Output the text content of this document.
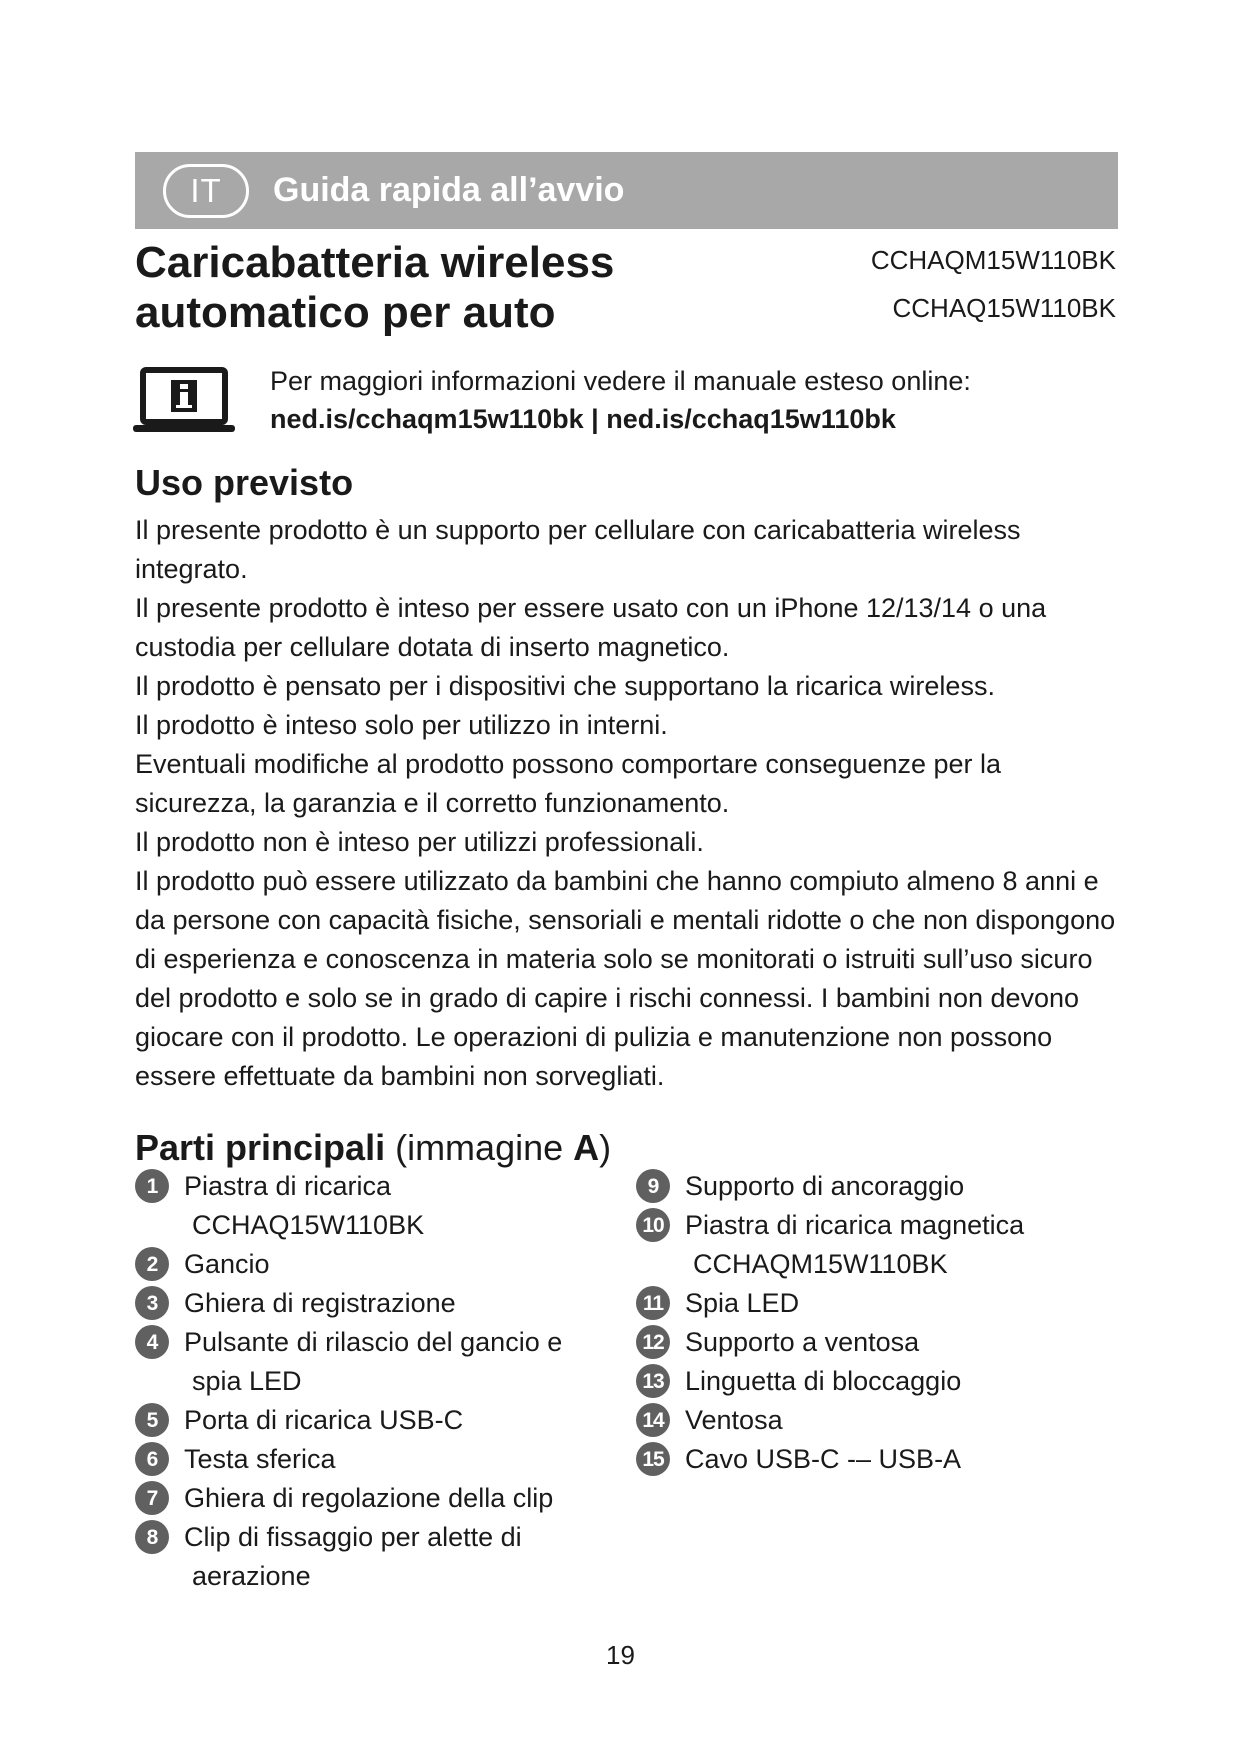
IT	Guida rapida all’avvio
Caricabatteria wireless
automatico per auto
CCHAQM15W110BK
CCHAQ15W110BK
Per maggiori informazioni vedere il manuale esteso online:
ned.is/cchaqm15w110bk | ned.is/cchaq15w110bk
Uso previsto

Il presente prodotto è un supporto per cellulare con caricabatteria wireless integrato.

Il presente prodotto è inteso per essere usato con un iPhone 12/13/14 o una custodia per cellulare dotata di inserto magnetico.

Il prodotto è pensato per i dispositivi che supportano la ricarica wireless.

Il prodotto è inteso solo per utilizzo in interni.

Eventuali modifiche al prodotto possono comportare conseguenze per la sicurezza, la garanzia e il corretto funzionamento.

Il prodotto non è inteso per utilizzi professionali.

Il prodotto può essere utilizzato da bambini che hanno compiuto almeno 8 anni e da persone con capacità fisiche, sensoriali e mentali ridotte o che non dispongono di esperienza e conoscenza in materia solo se monitorati o istruiti sull’uso sicuro del prodotto e solo se in grado di capire i rischi connessi. I bambini non devono giocare con il prodotto. Le operazioni di pulizia e manutenzione non possono essere effettuate da bambini non sorvegliati.

Parti principali (immagine A)
1 Piastra di ricarica
CCHAQ15W110BK
2 Gancio
3 Ghiera di registrazione
4 Pulsante di rilascio del gancio e
spia LED
5 Porta di ricarica USB-C
6 Testa sferica
7 Ghiera di regolazione della clip
8 Clip di fissaggio per alette di
aerazione
9 Supporto di ancoraggio
10 Piastra di ricarica magnetica
CCHAQM15W110BK
11 Spia LED
12 Supporto a ventosa
13 Linguetta di bloccaggio
14 Ventosa
15 Cavo USB-C -– USB-A
19
